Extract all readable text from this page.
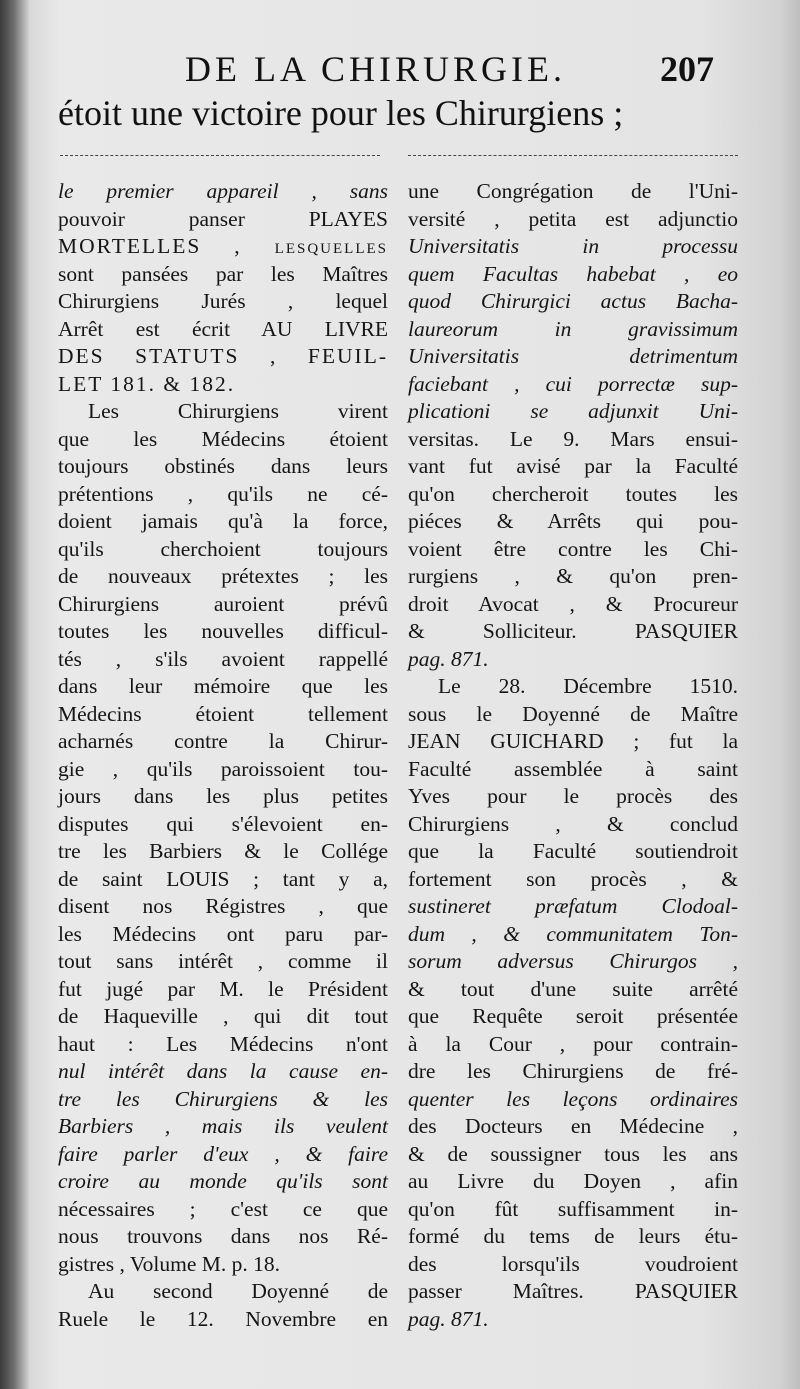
DE LA CHIRURGIE.	207
étoit une victoire pour les Chirurgiens ;
le premier appareil , sans
pouvoir panser PLAYES
MORTELLES , lesquelles
sont pansées par les Maîtres
Chirurgiens Jurés , lequel
Arrêt est écrit AU LIVRE
DES STATUTS , FEUIL-
LET 181. & 182.
Les Chirurgiens virent
que les Médecins étoient
toujours obstinés dans leurs
prétentions , qu'ils ne cé-
doient jamais qu'à la force,
qu'ils cherchoient toujours
de nouveaux prétextes ; les
Chirurgiens auroient prévû
toutes les nouvelles difficul-
tés , s'ils avoient rappellé
dans leur mémoire que les
Médecins étoient tellement
acharnés contre la Chirur-
gie , qu'ils paroissoient tou-
jours dans les plus petites
disputes qui s'élevoient en-
tre les Barbiers & le Collége
de saint LOUIS ; tant y a,
disent nos Régistres , que
les Médecins ont paru par-
tout sans intérêt , comme il
fut jugé par M. le Président
de Haqueville , qui dit tout
haut : Les Médecins n'ont
nul intérêt dans la cause en-
tre les Chirurgiens & les
Barbiers , mais ils veulent
faire parler d'eux , & faire
croire au monde qu'ils sont
nécessaires ; c'est ce que
nous trouvons dans nos Ré-
gistres , Volume M. p. 18.
Au second Doyenné de
Ruele le 12. Novembre en
une Congrégation de l'Uni-
versité , petita est adjunctio
Universitatis in processu
quem Facultas habebat , eo
quod Chirurgici actus Bacha-
laureorum in gravissimum
Universitatis detrimentum
faciebant , cui porrectæ sup-
plicationi se adjunxit Uni-
versitas. Le 9. Mars ensui-
vant fut avisé par la Faculté
qu'on chercheroit toutes les
piéces & Arrêts qui pou-
voient être contre les Chi-
rurgiens , & qu'on pren-
droit Avocat , & Procureur
& Solliciteur. PASQUIER
pag. 871.
Le 28. Décembre 1510.
sous le Doyenné de Maître
JEAN GUICHARD ; fut la
Faculté assemblée à saint
Yves pour le procès des
Chirurgiens , & conclud
que la Faculté soutiendroit
fortement son procès , &
sustineret præfatum Clodoal-
dum , & communitatem Ton-
sorum adversus Chirurgos ,
& tout d'une suite arrêté
que Requête seroit présentée
à la Cour , pour contrain-
dre les Chirurgiens de fré-
quenter les leçons ordinaires
des Docteurs en Médecine ,
& de soussigner tous les ans
au Livre du Doyen , afin
qu'on fût suffisamment in-
formé du tems de leurs étu-
des lorsqu'ils voudroient
passer Maîtres. PASQUIER
pag. 871.
